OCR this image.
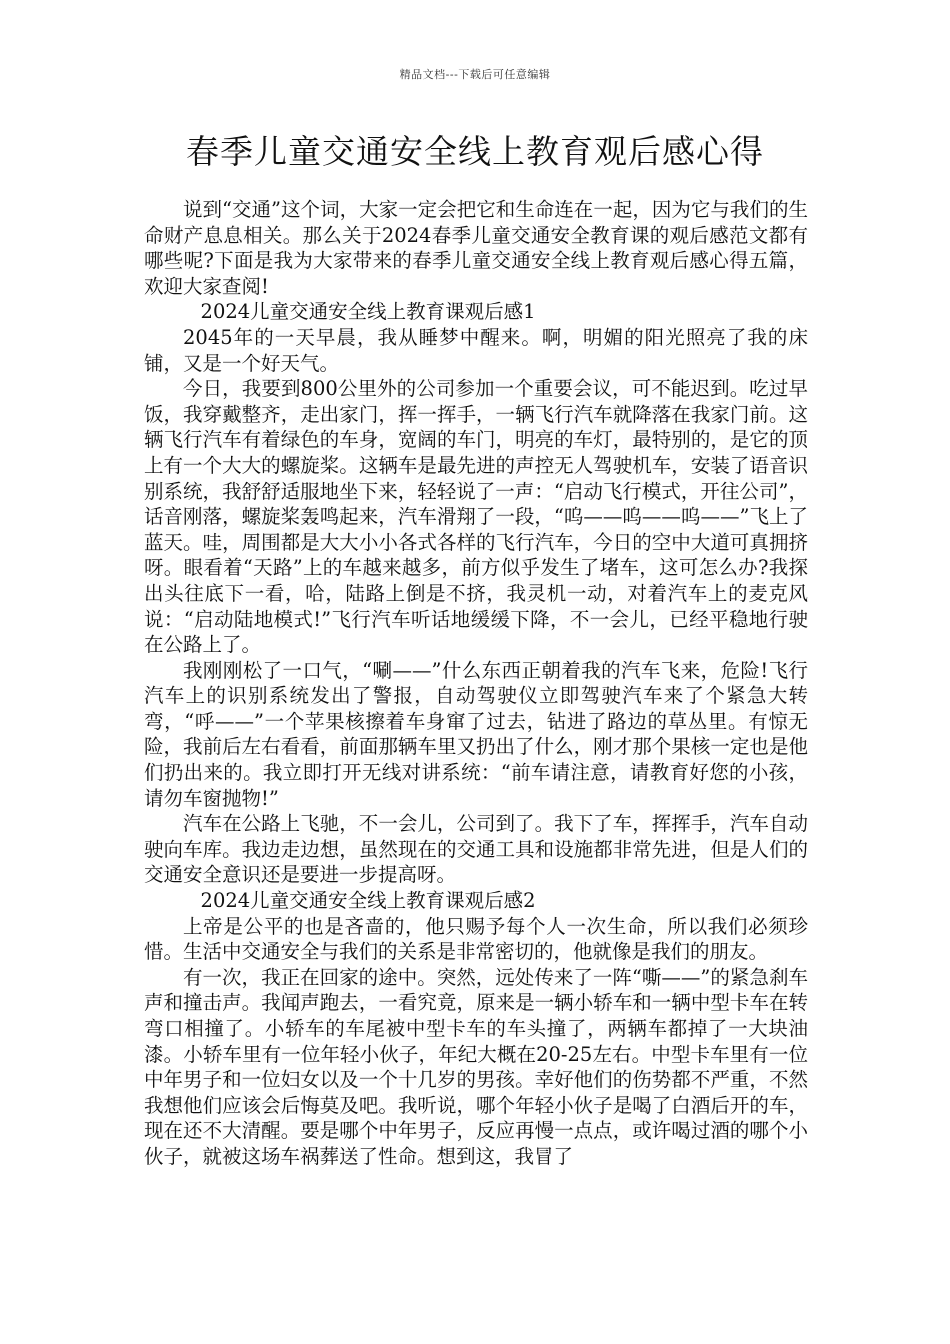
精品文档---下载后可任意编辑
春季儿童交通安全线上教育观后感心得

说到“交通”这个词，大家一定会把它和生命连在一起，因为它与我们的生命财产息息相关。那么关于2024春季儿童交通安全教育课的观后感范文都有哪些呢?下面是我为大家带来的春季儿童交通安全线上教育观后感心得五篇，欢迎大家查阅!

2024儿童交通安全线上教育课观后感1

2045年的一天早晨，我从睡梦中醒来。啊，明媚的阳光照亮了我的床铺，又是一个好天气。

今日，我要到800公里外的公司参加一个重要会议，可不能迟到。吃过早饭，我穿戴整齐，走出家门，挥一挥手，一辆飞行汽车就降落在我家门前。这辆飞行汽车有着绿色的车身，宽阔的车门，明亮的车灯，最特别的，是它的顶上有一个大大的螺旋桨。这辆车是最先进的声控无人驾驶机车，安装了语音识别系统，我舒舒适服地坐下来，轻轻说了一声：“启动飞行模式，开往公司”，话音刚落，螺旋桨轰鸣起来，汽车滑翔了一段，“呜——呜——呜——”飞上了蓝天。哇，周围都是大大小小各式各样的飞行汽车，今日的空中大道可真拥挤呀。眼看着“天路”上的车越来越多，前方似乎发生了堵车，这可怎么办?我探出头往底下一看，哈，陆路上倒是不挤，我灵机一动，对着汽车上的麦克风说：“启动陆地模式!”飞行汽车听话地缓缓下降，不一会儿，已经平稳地行驶在公路上了。

我刚刚松了一口气，“唰——”什么东西正朝着我的汽车飞来，危险!飞行汽车上的识别系统发出了警报，自动驾驶仪立即驾驶汽车来了个紧急大转弯，“呼——”一个苹果核擦着车身窜了过去，钻进了路边的草丛里。有惊无险，我前后左右看看，前面那辆车里又扔出了什么，刚才那个果核一定也是他们扔出来的。我立即打开无线对讲系统：“前车请注意，请教育好您的小孩，请勿车窗抛物!”

汽车在公路上飞驰，不一会儿，公司到了。我下了车，挥挥手，汽车自动驶向车库。我边走边想，虽然现在的交通工具和设施都非常先进，但是人们的交通安全意识还是要进一步提高呀。

2024儿童交通安全线上教育课观后感2

上帝是公平的也是吝啬的，他只赐予每个人一次生命，所以我们必须珍惜。生活中交通安全与我们的关系是非常密切的，他就像是我们的朋友。

有一次，我正在回家的途中。突然，远处传来了一阵“嘶——”的紧急刹车声和撞击声。我闻声跑去，一看究竟，原来是一辆小轿车和一辆中型卡车在转弯口相撞了。小轿车的车尾被中型卡车的车头撞了，两辆车都掉了一大块油漆。小轿车里有一位年轻小伙子，年纪大概在20-25左右。中型卡车里有一位中年男子和一位妇女以及一个十几岁的男孩。幸好他们的伤势都不严重，不然我想他们应该会后悔莫及吧。我听说，哪个年轻小伙子是喝了白酒后开的车，现在还不大清醒。要是哪个中年男子，反应再慢一点点，或许喝过酒的哪个小伙子，就被这场车祸葬送了性命。想到这，我冒了
